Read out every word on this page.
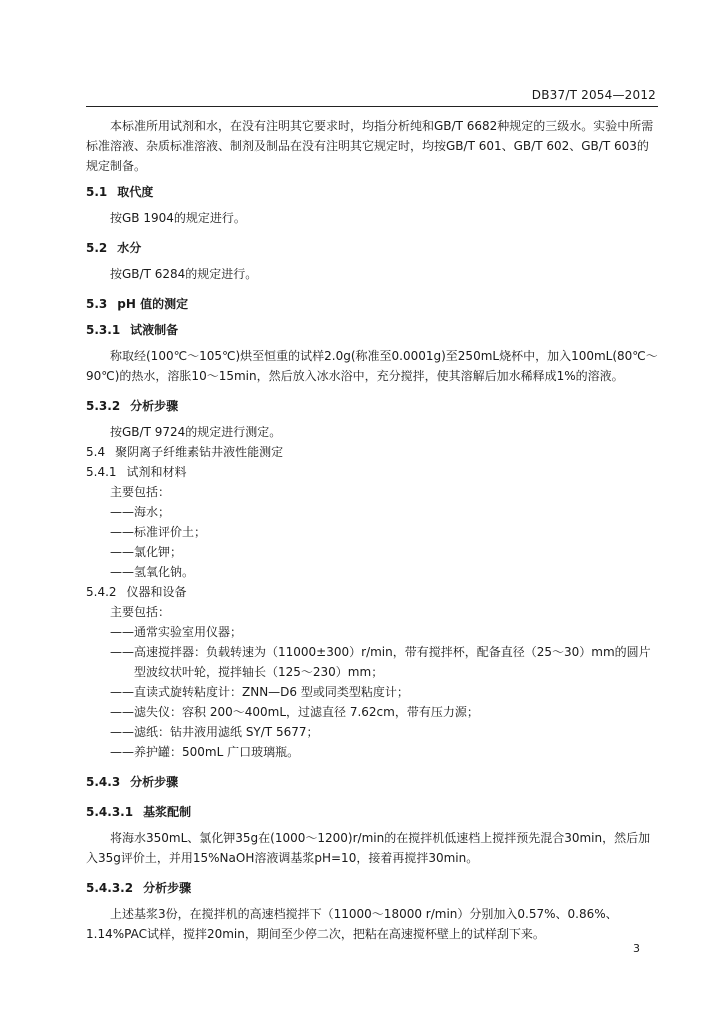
DB37/T 2054—2012

本标准所用试剂和水，在没有注明其它要求时，均指分析纯和GB/T 6682种规定的三级水。实验中所需标准溶液、杂质标准溶液、制剂及制品在没有注明其它规定时，均按GB/T 601、GB/T 602、GB/T 603的规定制备。

5.1 取代度

按GB 1904的规定进行。

5.2 水分

按GB/T 6284的规定进行。

5.3 pH 值的测定

5.3.1 试液制备

称取经(100℃～105℃)烘至恒重的试样2.0g(称准至0.0001g)至250mL烧杯中，加入100mL(80℃～90℃)的热水，溶胀10～15min，然后放入冰水浴中，充分搅拌，使其溶解后加水稀释成1%的溶液。

5.3.2 分析步骤

按GB/T 9724的规定进行测定。

5.4 聚阴离子纤维素钻井液性能测定

5.4.1 试剂和材料

主要包括：

——海水；

——标准评价土；

——氯化钾；

——氢氧化钠。

5.4.2 仪器和设备

主要包括：

——通常实验室用仪器；

——高速搅拌器：负载转速为（11000±300）r/min，带有搅拌杯，配备直径（25～30）mm的圆片

型波纹状叶轮，搅拌轴长（125～230）mm；

——直读式旋转粘度计：ZNN—D6 型或同类型粘度计；

——滤失仪：容积 200～400mL，过滤直径 7.62cm，带有压力源；

——滤纸：钻井液用滤纸 SY/T 5677；

——养护罐：500mL 广口玻璃瓶。

5.4.3 分析步骤

5.4.3.1 基浆配制

将海水350mL、氯化钾35g在(1000～1200)r/min的在搅拌机低速档上搅拌预先混合30min，然后加入35g评价土，并用15%NaOH溶液调基浆pH=10，接着再搅拌30min。

5.4.3.2 分析步骤

上述基浆3份，在搅拌机的高速档搅拌下（11000～18000 r/min）分别加入0.57%、0.86%、1.14%PAC试样，搅拌20min，期间至少停二次，把粘在高速搅杯壁上的试样刮下来。

3
